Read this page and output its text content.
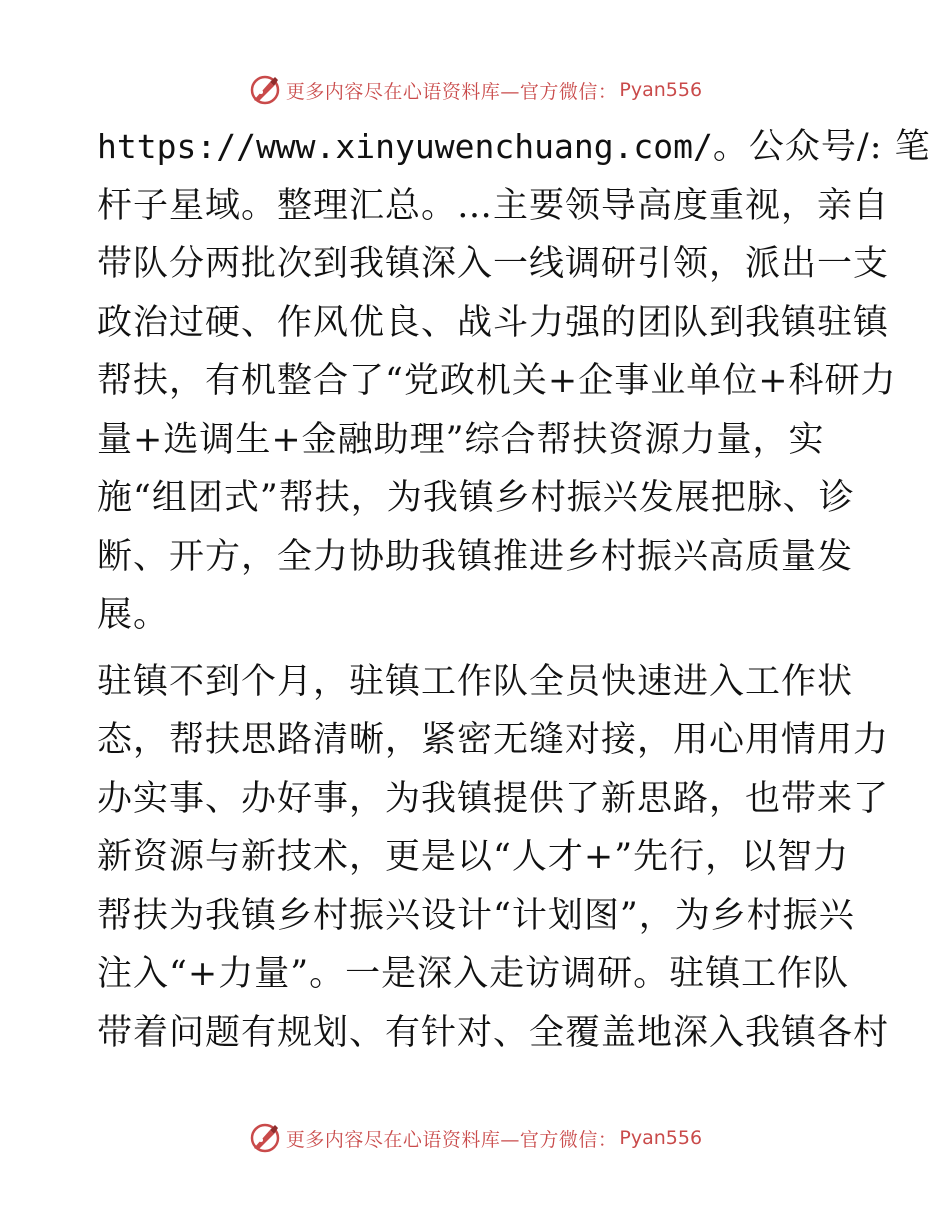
更多内容尽在心语资料库—官方微信： Pyan556
https://www.xinyuwenchuang.com/。公众号/: 笔
杆子星域。整理汇总。…主要领导高度重视，亲自
带队分两批次到我镇深入一线调研引领，派出一支
政治过硬、作风优良、战斗力强的团队到我镇驻镇
帮扶，有机整合了“党政机关+企事业单位+科研力
量+选调生+金融助理”综合帮扶资源力量，实
施“组团式”帮扶，为我镇乡村振兴发展把脉、诊
断、开方，全力协助我镇推进乡村振兴高质量发
展。
驻镇不到个月，驻镇工作队全员快速进入工作状
态，帮扶思路清晰，紧密无缝对接，用心用情用力
办实事、办好事，为我镇提供了新思路，也带来了
新资源与新技术，更是以“人才+”先行，以智力
帮扶为我镇乡村振兴设计“计划图”，为乡村振兴
注入“+力量”。一是深入走访调研。驻镇工作队
带着问题有规划、有针对、全覆盖地深入我镇各村
更多内容尽在心语资料库—官方微信： Pyan556
